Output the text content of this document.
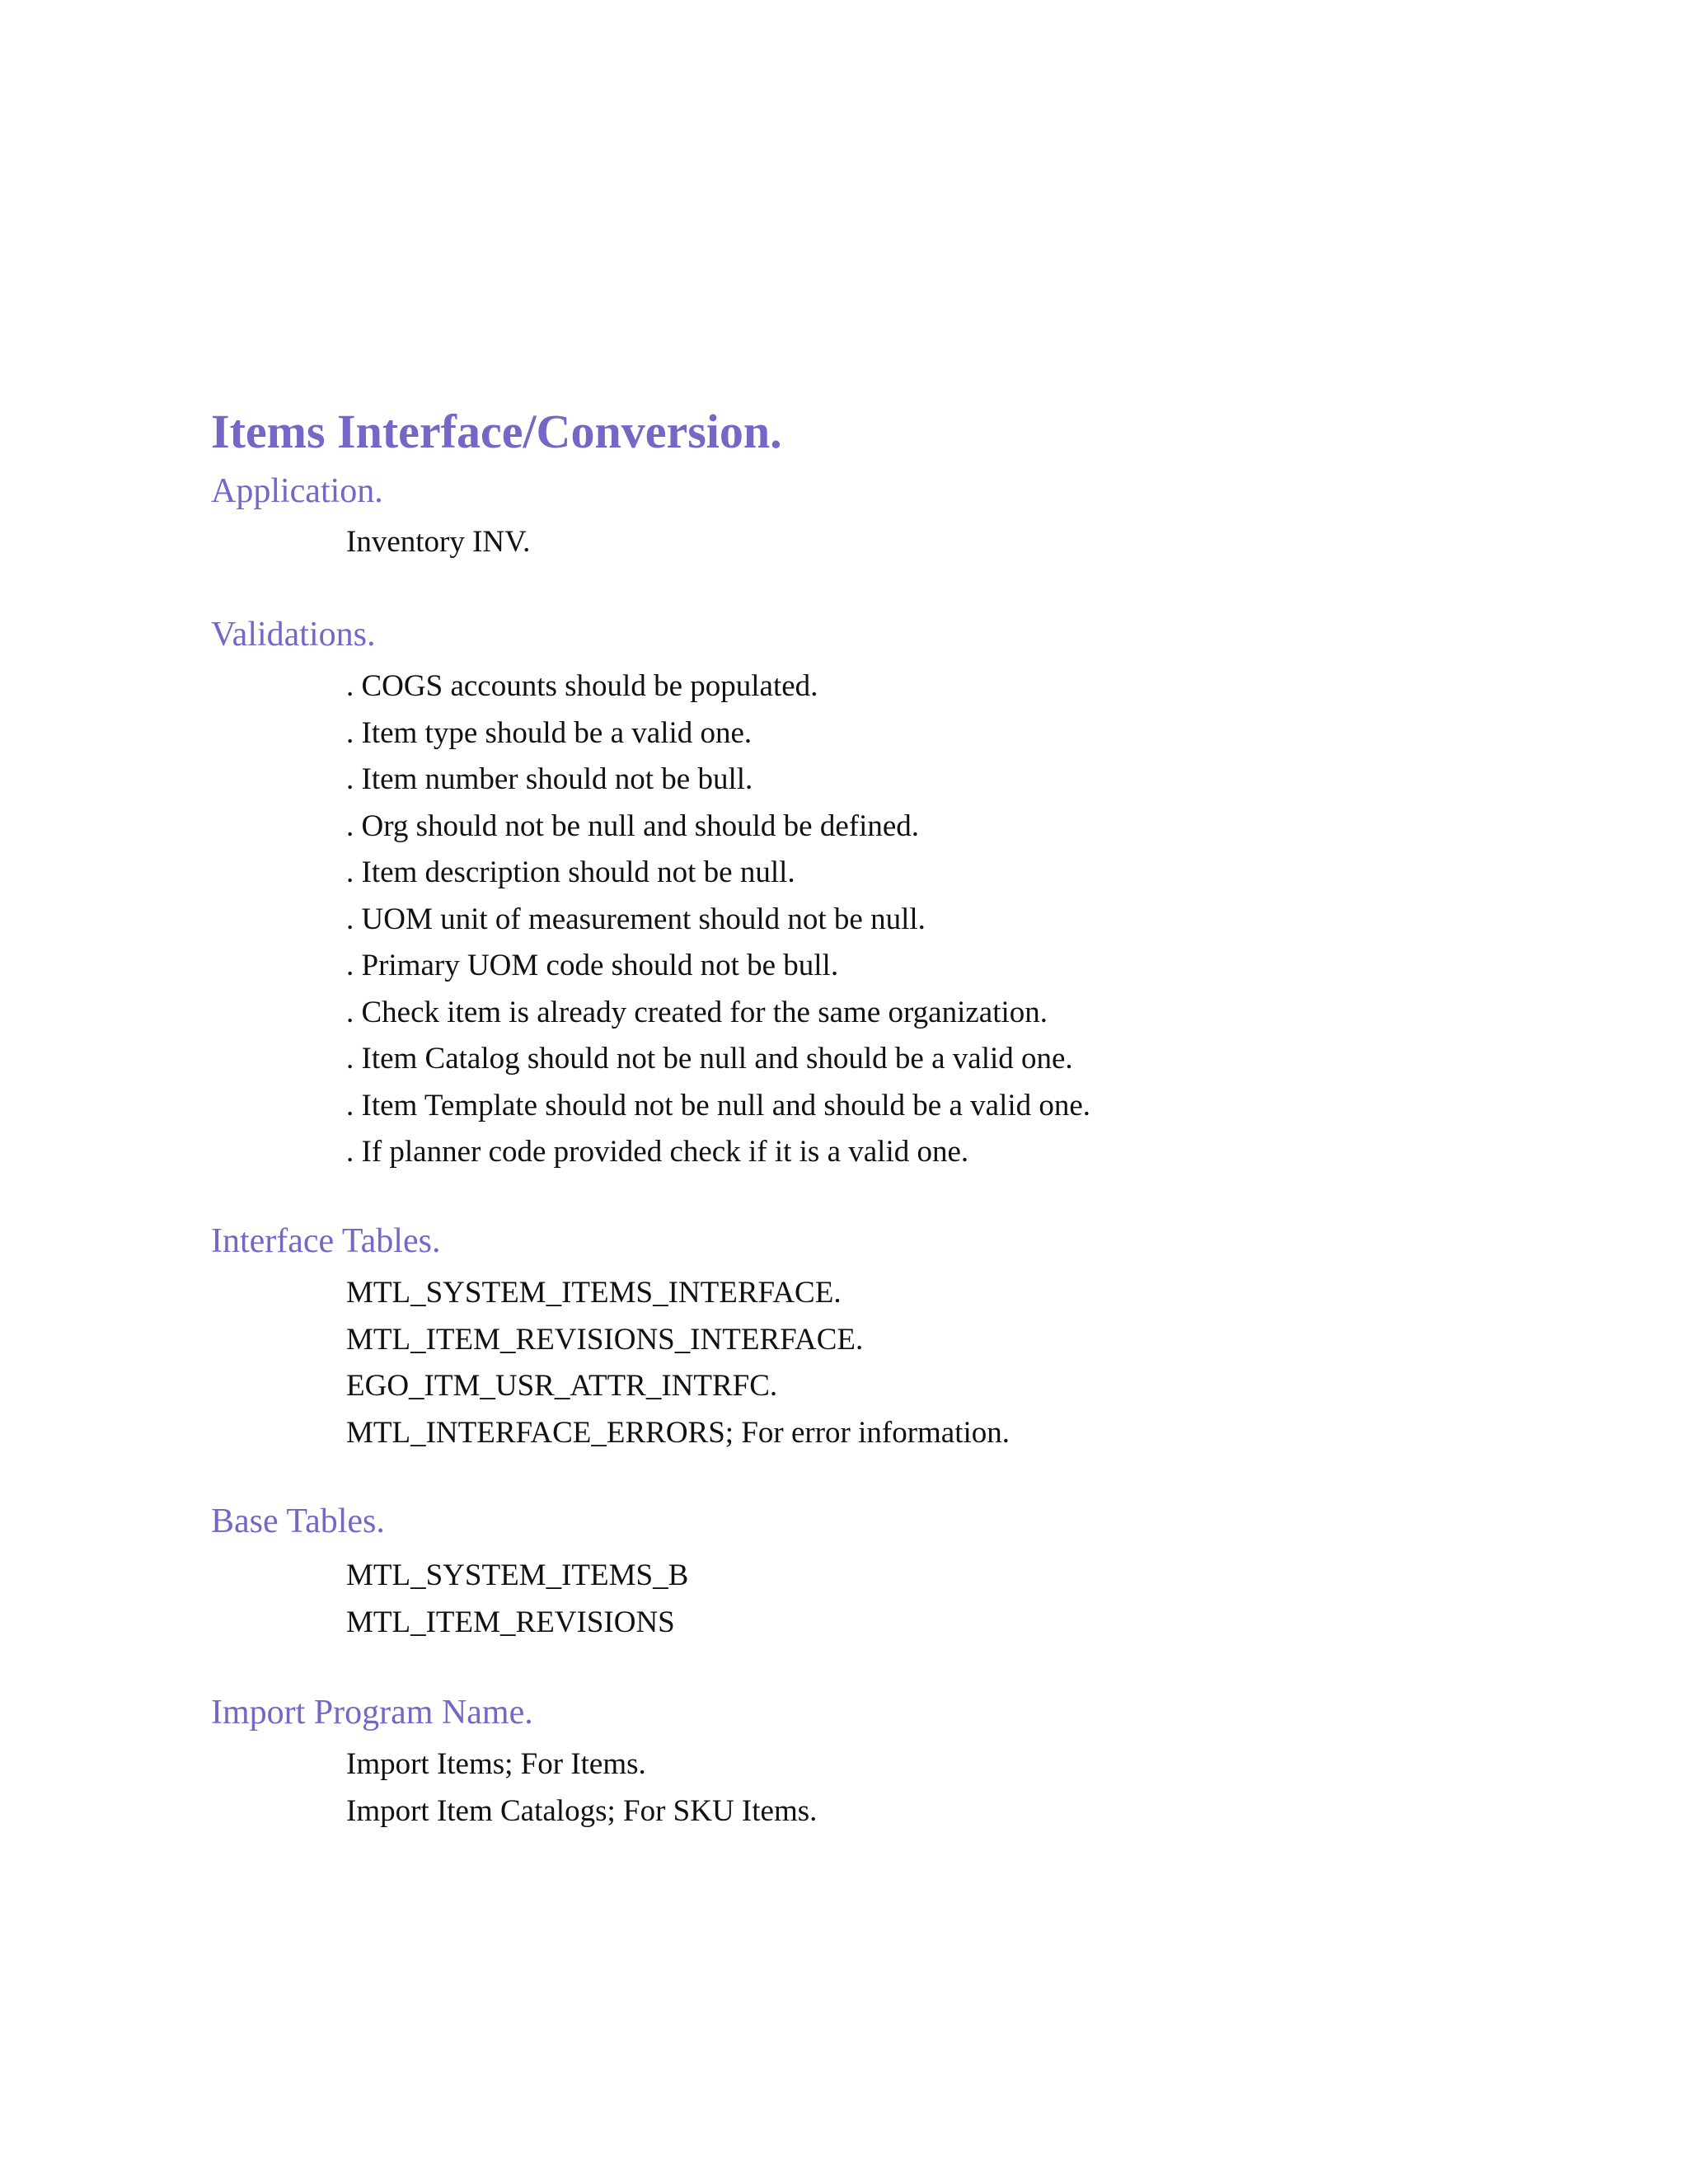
Items Interface/Conversion.
Application.
Inventory INV.
Validations.
. COGS accounts should be populated.
. Item type should be a valid one.
. Item number should not be bull.
. Org should not be null and should be defined.
. Item description should not be null.
. UOM unit of measurement should not be null.
. Primary UOM code should not be bull.
. Check item is already created for the same organization.
. Item Catalog should not be null and should be a valid one.
. Item Template should not be null and should be a valid one.
. If planner code provided check if it is a valid one.
Interface Tables.
MTL_SYSTEM_ITEMS_INTERFACE.
MTL_ITEM_REVISIONS_INTERFACE.
EGO_ITM_USR_ATTR_INTRFC.
MTL_INTERFACE_ERRORS; For error information.
Base Tables.
MTL_SYSTEM_ITEMS_B
MTL_ITEM_REVISIONS
Import Program Name.
Import Items; For Items.
Import Item Catalogs; For SKU Items.
